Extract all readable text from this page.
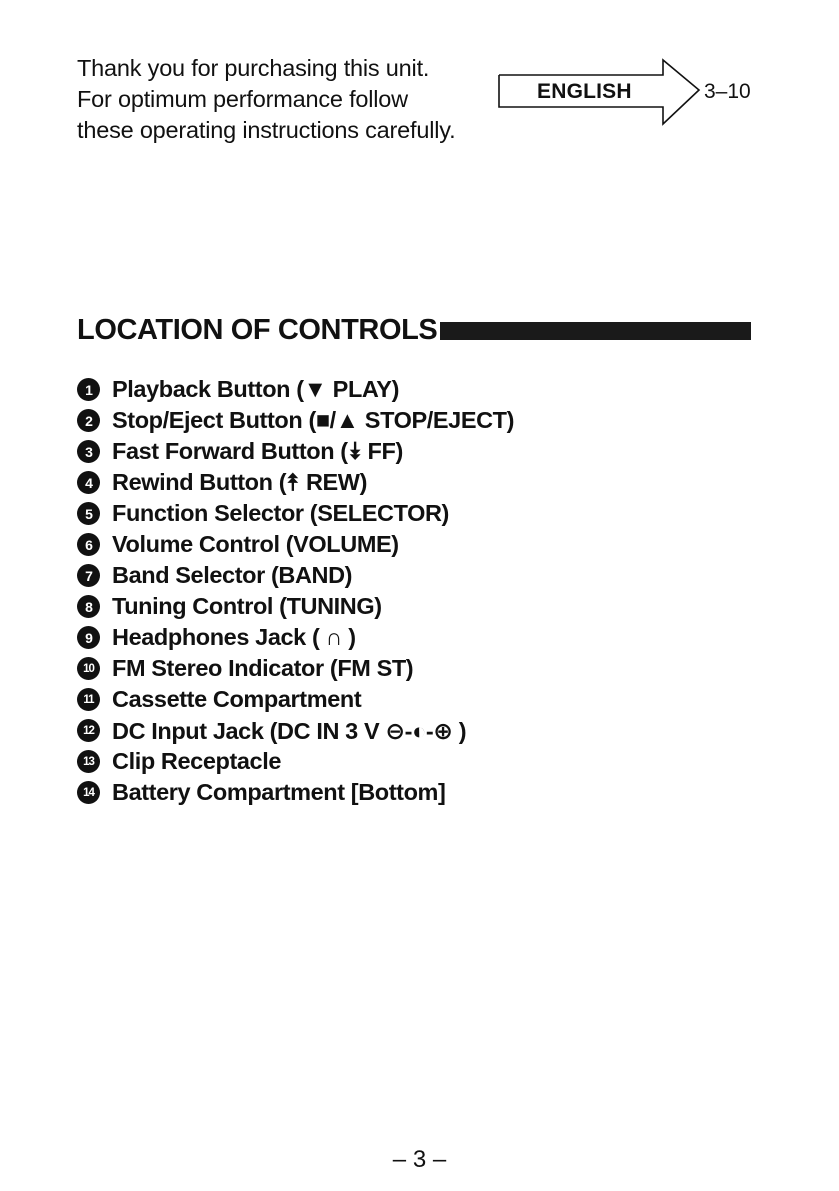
Thank you for purchasing this unit.
For optimum performance follow
these operating instructions carefully.
ENGLISH	3–10
LOCATION OF CONTROLS
1 Playback Button (▼ PLAY)
2 Stop/Eject Button (■/▲ STOP/EJECT)
3 Fast Forward Button (⯯ FF)
4 Rewind Button (⯭ REW)
5 Function Selector (SELECTOR)
6 Volume Control (VOLUME)
7 Band Selector (BAND)
8 Tuning Control (TUNING)
9 Headphones Jack ( ∩ )
10 FM Stereo Indicator (FM ST)
11 Cassette Compartment
12 DC Input Jack (DC IN 3 V ⊖-◐-⊕ )
13 Clip Receptacle
14 Battery Compartment [Bottom]
– 3 –
